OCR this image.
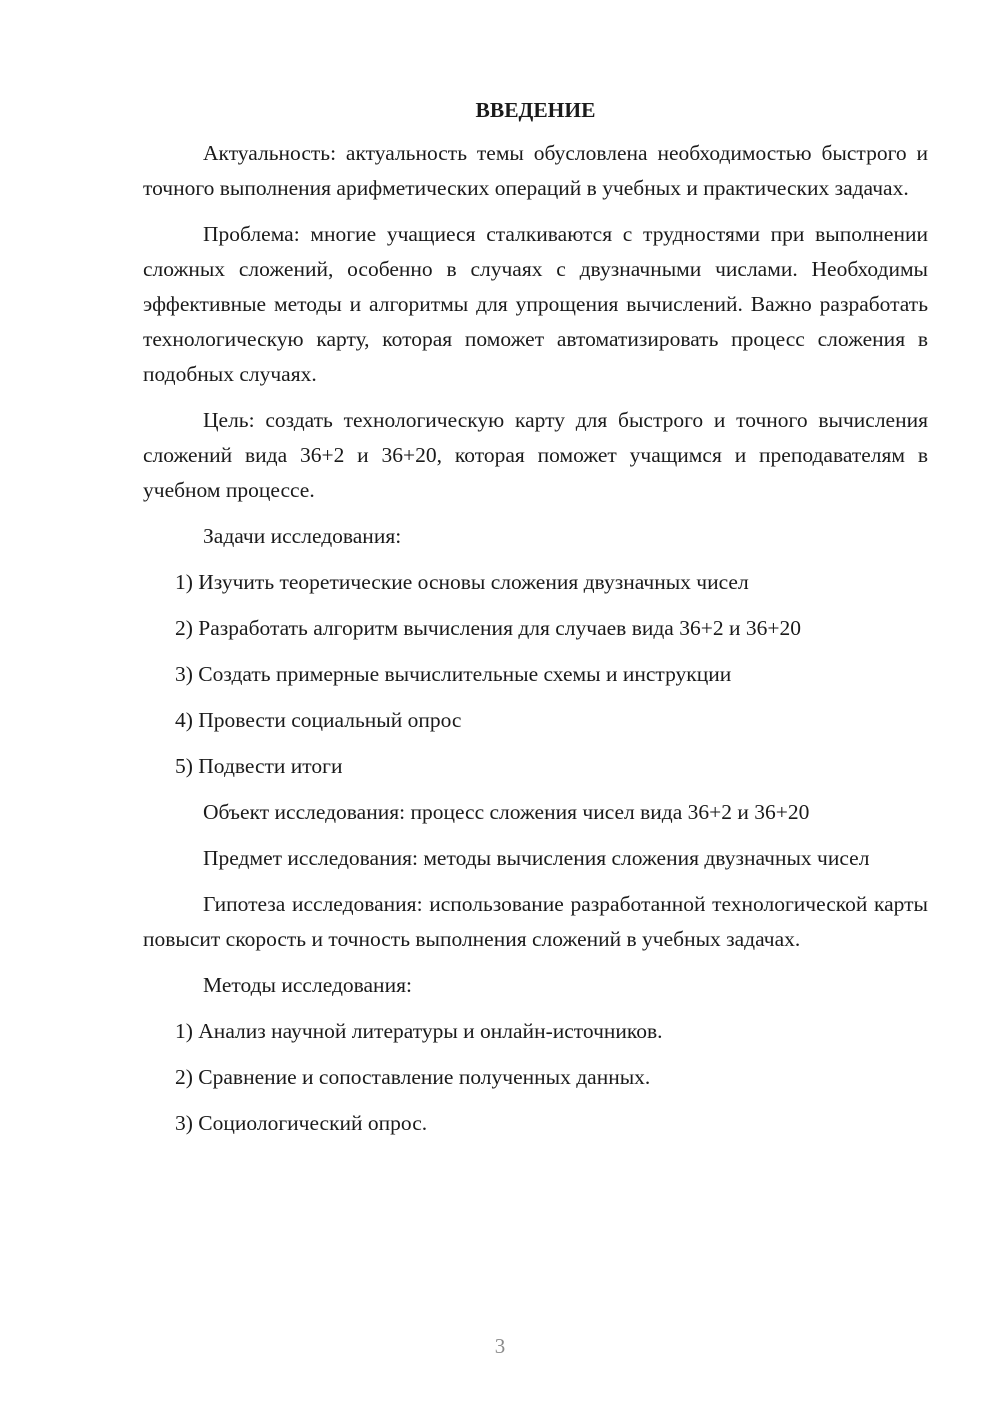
ВВЕДЕНИЕ
Актуальность: актуальность темы обусловлена необходимостью быстрого и точного выполнения арифметических операций в учебных и практических задачах.
Проблема: многие учащиеся сталкиваются с трудностями при выполнении сложных сложений, особенно в случаях с двузначными числами. Необходимы эффективные методы и алгоритмы для упрощения вычислений. Важно разработать технологическую карту, которая поможет автоматизировать процесс сложения в подобных случаях.
Цель: создать технологическую карту для быстрого и точного вычисления сложений вида 36+2 и 36+20, которая поможет учащимся и преподавателям в учебном процессе.
Задачи исследования:
1) Изучить теоретические основы сложения двузначных чисел
2) Разработать алгоритм вычисления для случаев вида 36+2 и 36+20
3) Создать примерные вычислительные схемы и инструкции
4) Провести социальный опрос
5) Подвести итоги
Объект исследования: процесс сложения чисел вида 36+2 и 36+20
Предмет исследования: методы вычисления сложения двузначных чисел
Гипотеза исследования: использование разработанной технологической карты повысит скорость и точность выполнения сложений в учебных задачах.
Методы исследования:
1) Анализ научной литературы и онлайн-источников.
2) Сравнение и сопоставление полученных данных.
3) Социологический опрос.
3
